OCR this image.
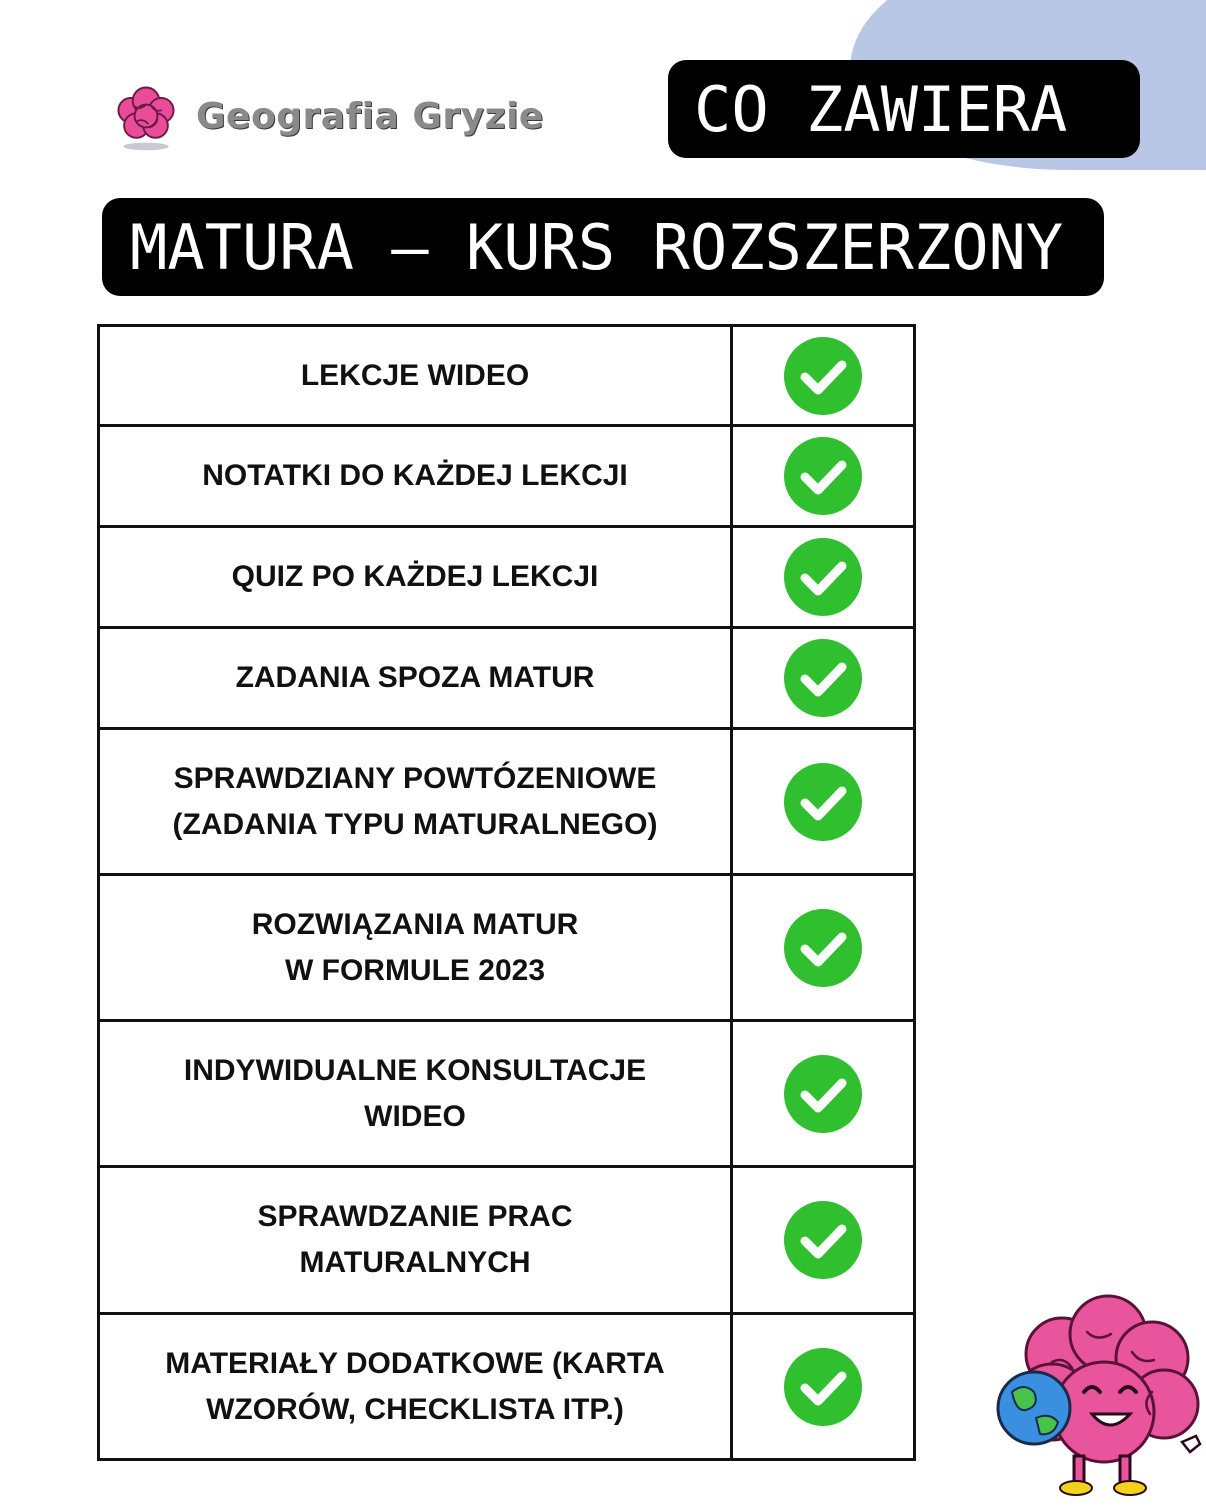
Geografia Gryzie	CO ZAWIERA
MATURA – KURS ROZSZERZONY
LEKCJE WIDEO

NOTATKI DO KAŻDEJ LEKCJI

QUIZ PO KAŻDEJ LEKCJI

ZADANIA SPOZA MATUR

SPRAWDZIANY POWTÓZENIOWE
(ZADANIA TYPU MATURALNEGO)

ROZWIĄZANIA MATUR
W FORMULE 2023

INDYWIDUALNE KONSULTACJE
WIDEO

SPRAWDZANIE PRAC
MATURALNYCH

MATERIAŁY DODATKOWE (KARTA
WZORÓW, CHECKLISTA ITP.)
